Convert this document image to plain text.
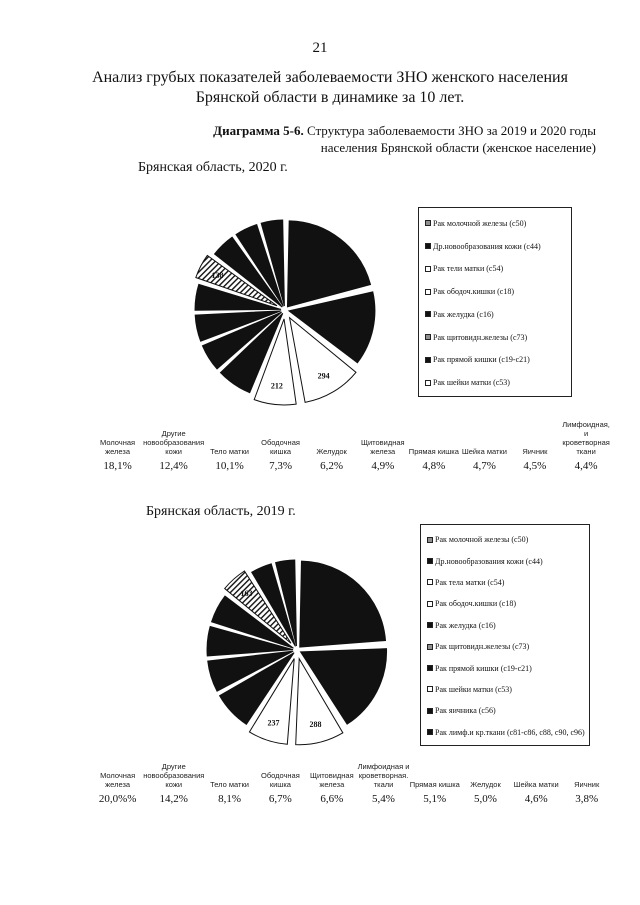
21
Анализ грубых показателей заболеваемости ЗНО женского населения Брянской области в динамике за 10 лет.
Диаграмма 5-6. Структура заболеваемости ЗНО за 2019 и 2020 годы населения Брянской области (женское население)
Брянская область, 2020 г.
294
212
138
Рак молочной железы (с50)
Др.новообразования кожи (с44)
Рак тели матки (с54)
Рак ободоч.кишки (с18)
Рак желудка (с16)
Рак щитовидн.железы (с73)
Рак прямой кишки (с19-с21)
Рак шейки матки (с53)
Молочная железа	Другие новообразования кожи	Тело матки	Ободочная кишка	Желудок	Щитовидная железа	Прямая кишка	Шейка матки	Яичник	Лимфоидная, и кроветворная ткани
18,1%	12,4%	10,1%	7,3%	6,2%	4,9%	4,8%	4,7%	4,5%	4,4%
Брянская область, 2019 г.
288
237
163
Рак молочной железы (с50)
Др.новообразования кожи (с44)
Рак тела матки (с54)
Рак ободоч.кишки (с18)
Рак желудка (с16)
Рак щитовидн.железы (с73)
Рак прямой кишки (с19-с21)
Рак шейки матки (с53)
Рак яичника (с56)
Рак лимф.и кр.ткани (с81-с86, с88, с90, с96)
Молочная железа	Другие новообразования кожи	Тело матки	Ободочная кишка	Щитовидная железа	Лимфоидная и кроветворная. ткали	Прямая кишка	Желудок	Шейка матки	Яичник
20,0%%	14,2%	8,1%	6,7%	6,6%	5,4%	5,1%	5,0%	4,6%	3,8%
